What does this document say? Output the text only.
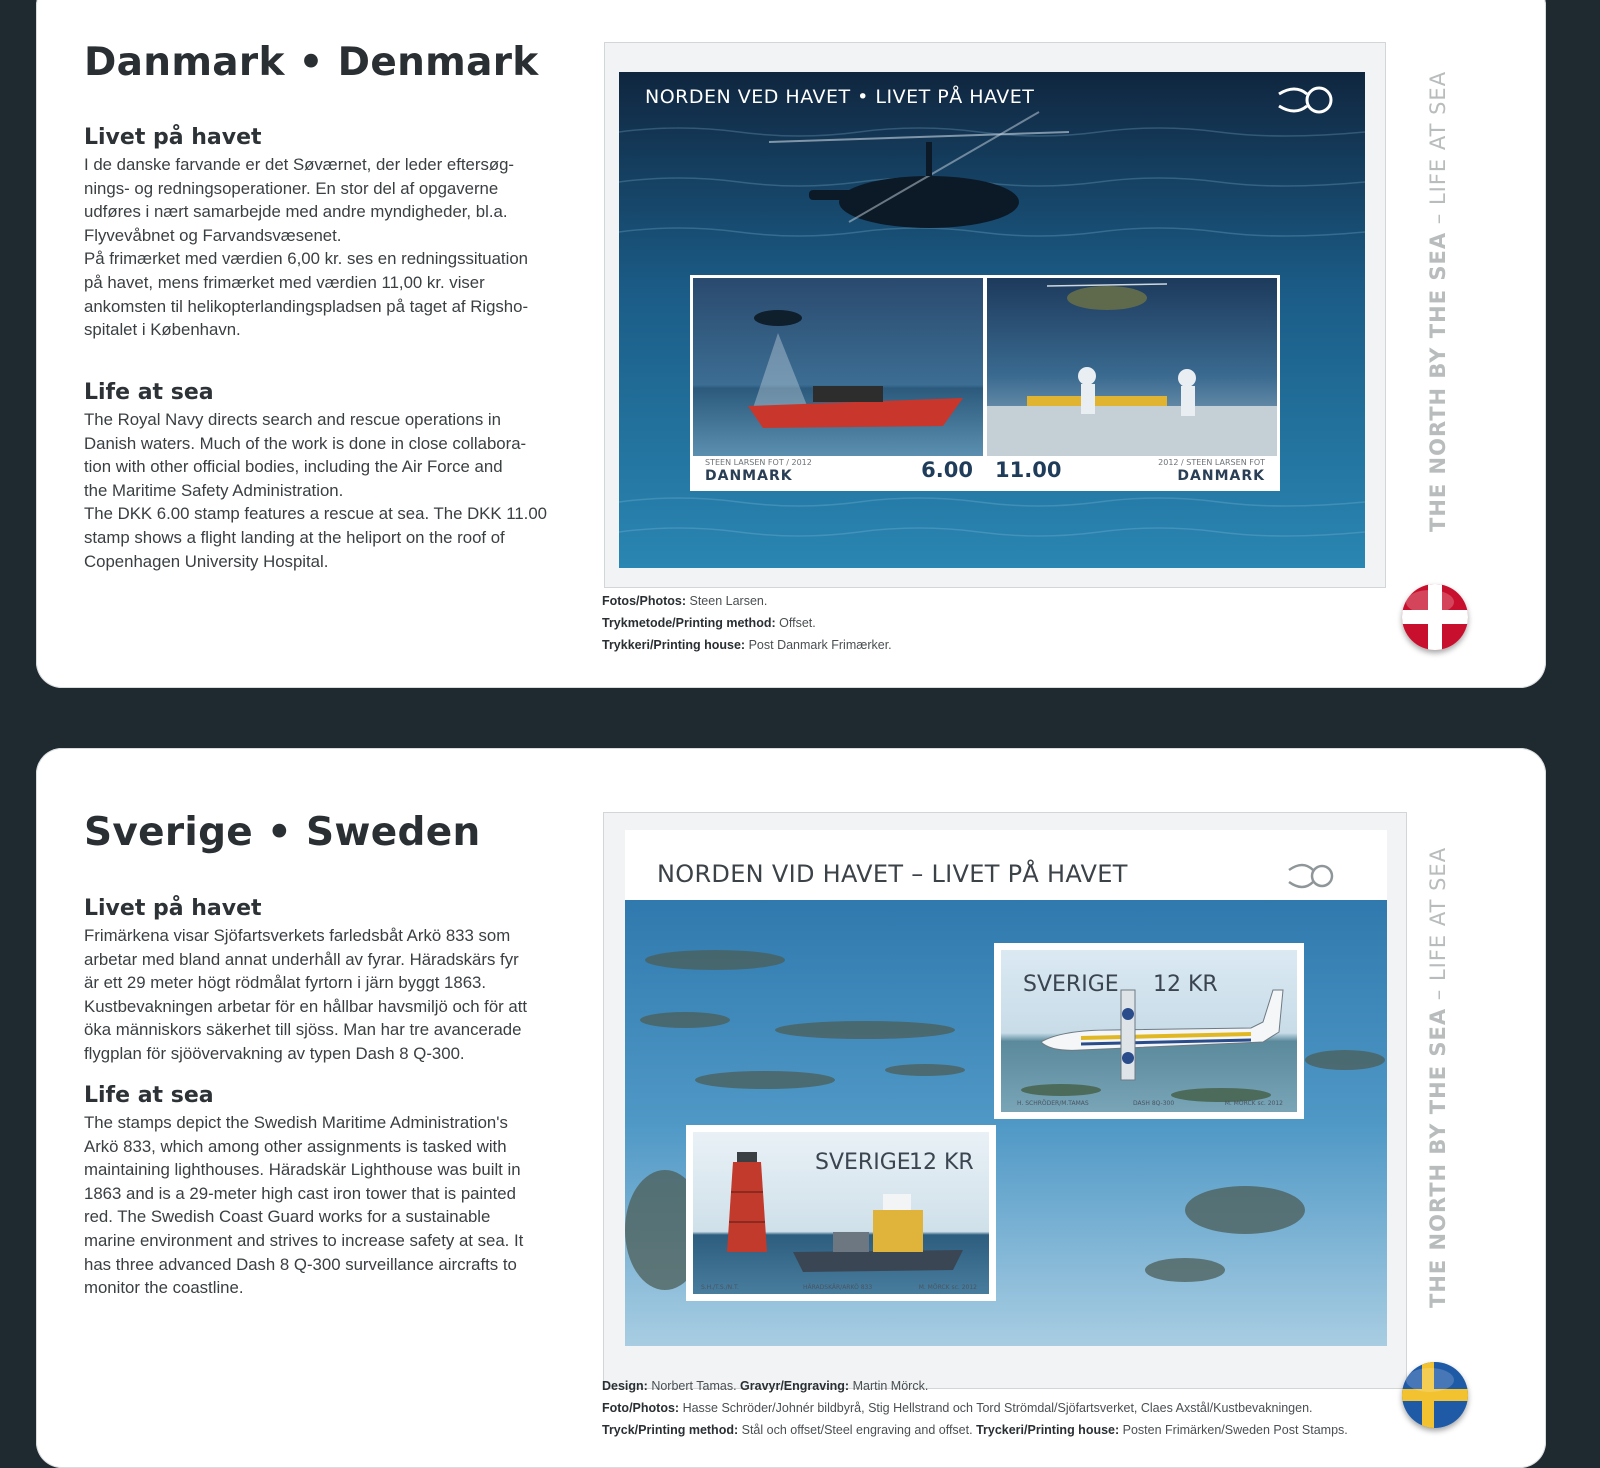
Danmark • Denmark
Livet på havet

I de danske farvande er det Søværnet, der leder eftersøg-
nings- og redningsoperationer. En stor del af opgaverne
udføres i nært samarbejde med andre myndigheder, bl.a.
Flyvevåbnet og Farvandsvæsenet.
På frimærket med værdien 6,00 kr. ses en redningssituation
på havet, mens frimærket med værdien 11,00 kr. viser
ankomsten til helikopterlandingspladsen på taget af Rigsho-
spitalet i København.

Life at sea

The Royal Navy directs search and rescue operations in
Danish waters. Much of the work is done in close collabora-
tion with other official bodies, including the Air Force and
the Maritime Safety Administration.
The DKK 6.00 stamp features a rescue at sea. The DKK 11.00
stamp shows a flight landing at the heliport on the roof of
Copenhagen University Hospital.

NORDEN VED HAVET • LIVET PÅ HAVET
STEEN LARSEN FOT / 2012
DANMARK	6.00 11.00	2012 / STEEN LARSEN FOT
DANMARK
Fotos/Photos: Steen Larsen.
Trykmetode/Printing method: Offset.
Trykkeri/Printing house: Post Danmark Frimærker.
THE NORTH BY THE SEA – LIFE AT SEA
Sverige • Sweden
Livet på havet

Frimärkena visar Sjöfartsverkets farledsbåt Arkö 833 som
arbetar med bland annat underhåll av fyrar. Häradskärs fyr
är ett 29 meter högt rödmålat fyrtorn i järn byggt 1863.
Kustbevakningen arbetar för en hållbar havsmiljö och för att
öka människors säkerhet till sjöss. Man har tre avancerade
flygplan för sjöövervakning av typen Dash 8 Q-300.

Life at sea

The stamps depict the Swedish Maritime Administration's
Arkö 833, which among other assignments is tasked with
maintaining lighthouses. Häradskär Lighthouse was built in
1863 and is a 29-meter high cast iron tower that is painted
red. The Swedish Coast Guard works for a sustainable
marine environment and strives to increase safety at sea. It
has three advanced Dash 8 Q-300 surveillance aircrafts to
monitor the coastline.

NORDEN VID HAVET – LIVET PÅ HAVET
SVERIGE 12 KR
H. SCHRÖDER/M.TAMAS	DASH 8Q-300	M. MÖRCK sc. 2012
SVERIGE
12 KR
S.H./T.S./N.T.	HÄRADSKÄR/ARKÖ 833	M. MÖRCK sc. 2012
Design: Norbert Tamas. Gravyr/Engraving: Martin Mörck.
Foto/Photos: Hasse Schröder/Johnér bildbyrå, Stig Hellstrand och Tord Strömdal/Sjöfartsverket, Claes Axstål/Kustbevakningen.
Tryck/Printing method: Stål och offset/Steel engraving and offset. Tryckeri/Printing house: Posten Frimärken/Sweden Post Stamps.
THE NORTH BY THE SEA – LIFE AT SEA
